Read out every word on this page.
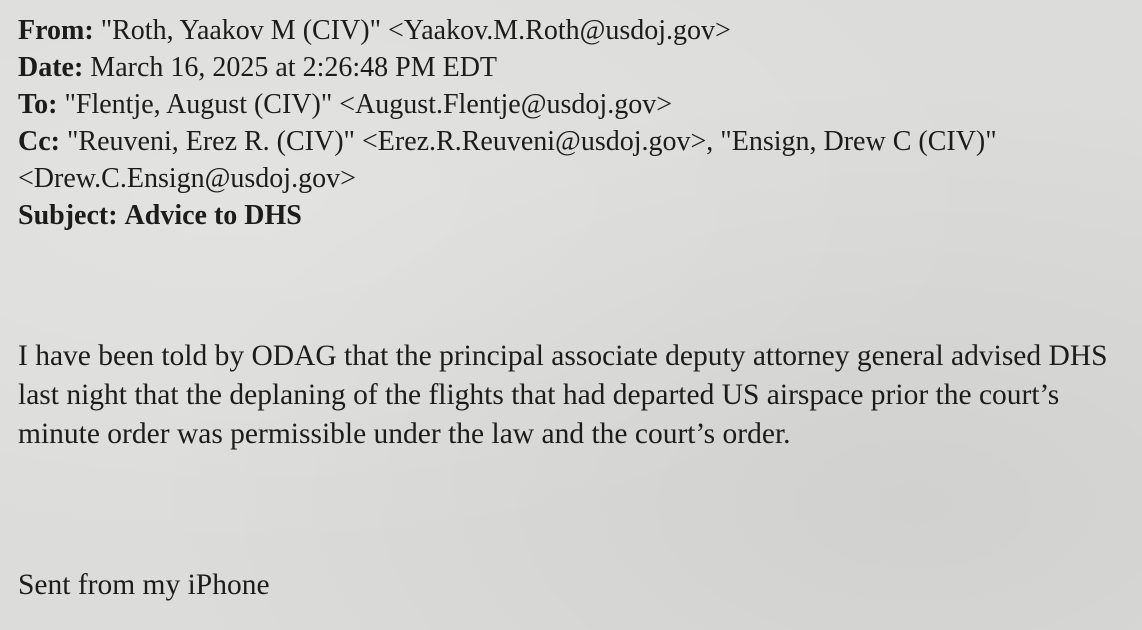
From: "Roth, Yaakov M (CIV)" <Yaakov.M.Roth@usdoj.gov>
Date: March 16, 2025 at 2:26:48 PM EDT
To: "Flentje, August (CIV)" <August.Flentje@usdoj.gov>
Cc: "Reuveni, Erez R. (CIV)" <Erez.R.Reuveni@usdoj.gov>, "Ensign, Drew C (CIV)" <Drew.C.Ensign@usdoj.gov>
Subject: Advice to DHS
I have been told by ODAG that the principal associate deputy attorney general advised DHS last night that the deplaning of the flights that had departed US airspace prior the court’s minute order was permissible under the law and the court’s order.
Sent from my iPhone
